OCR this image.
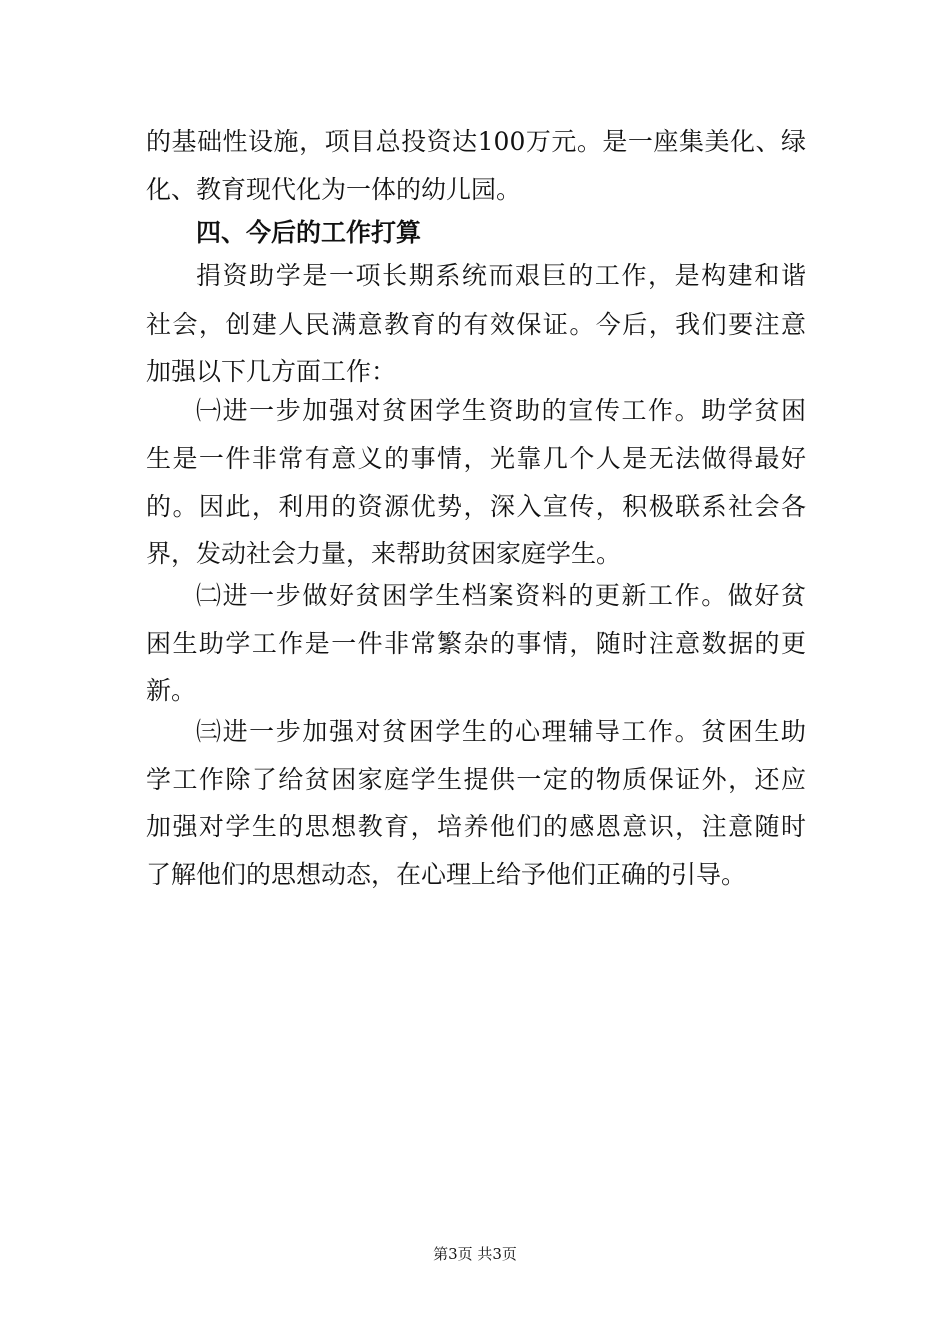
的基础性设施，项目总投资达100万元。是一座集美化、绿
化、教育现代化为一体的幼儿园。
四、今后的工作打算
捐资助学是一项长期系统而艰巨的工作，是构建和谐
社会，创建人民满意教育的有效保证。今后，我们要注意
加强以下几方面工作：
㈠进一步加强对贫困学生资助的宣传工作。助学贫困
生是一件非常有意义的事情，光靠几个人是无法做得最好
的。因此，利用的资源优势，深入宣传，积极联系社会各
界，发动社会力量，来帮助贫困家庭学生。
㈡进一步做好贫困学生档案资料的更新工作。做好贫
困生助学工作是一件非常繁杂的事情，随时注意数据的更
新。
㈢进一步加强对贫困学生的心理辅导工作。贫困生助
学工作除了给贫困家庭学生提供一定的物质保证外，还应
加强对学生的思想教育，培养他们的感恩意识，注意随时
了解他们的思想动态，在心理上给予他们正确的引导。
第3页 共3页
